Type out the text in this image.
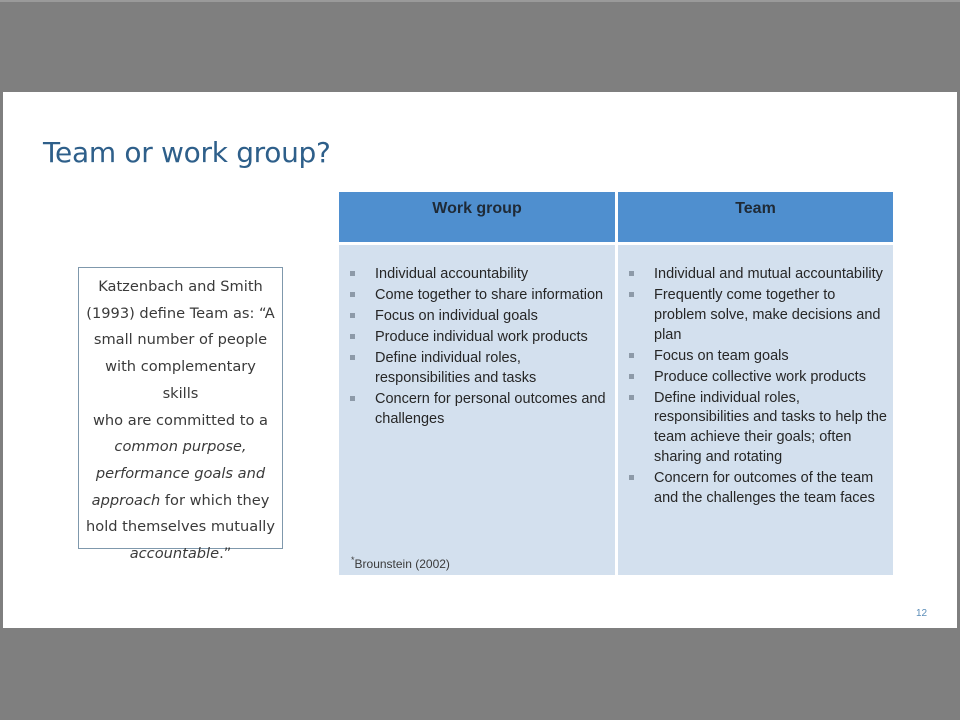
Team or work group?
Katzenbach and Smith
(1993) define Team as: “A
small number of people
with complementary skills
who are committed to a
common purpose,
performance goals and
approach for which they
hold themselves mutually
accountable.”
Work group	Team
Individual accountability
Come together to share information
Focus on individual goals
Produce individual work products
Define individual roles, responsibilities and tasks
Concern for personal outcomes and challenges
*Brounstein (2002)
Individual and mutual accountability
Frequently come together to problem solve, make decisions and plan
Focus on team goals
Produce collective work products
Define individual roles, responsibilities and tasks to help the team achieve their goals; often sharing and rotating
Concern for outcomes of the team and the challenges the team faces
12
